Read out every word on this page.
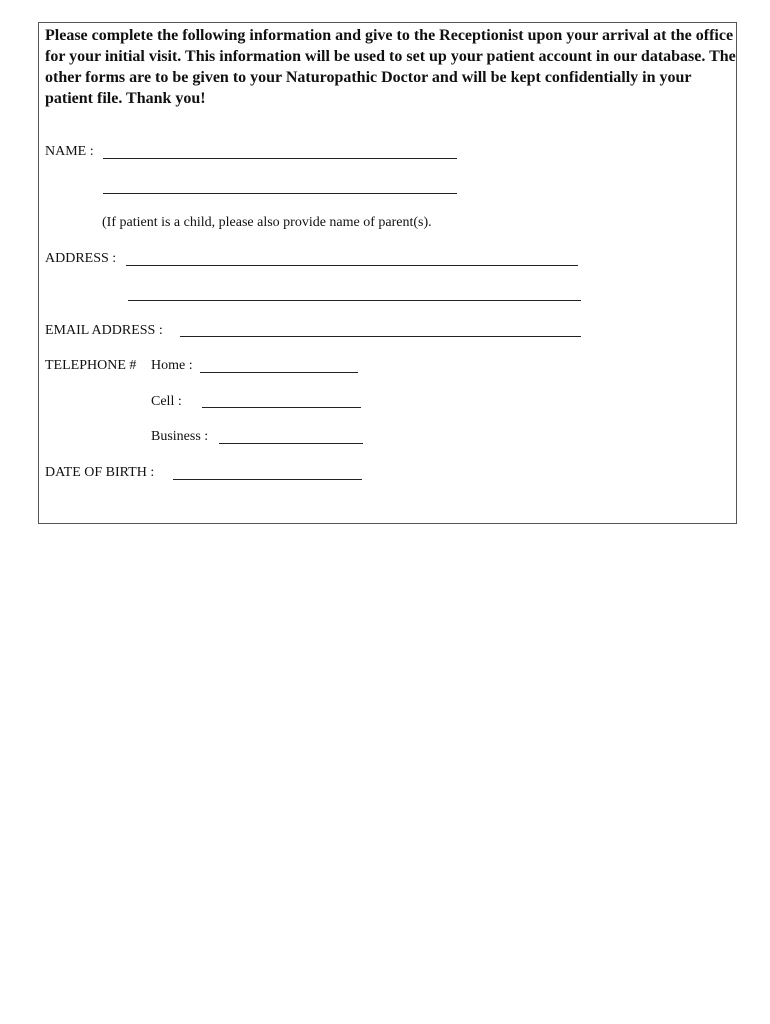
Please complete the following information and give to the Receptionist upon your arrival at the office for your initial visit. This information will be used to set up your patient account in our database. The other forms are to be given to your Naturopathic Doctor and will be kept confidentially in your patient file. Thank you!

NAME :
(If patient is a child, please also provide name of parent(s).
ADDRESS :
EMAIL ADDRESS :
TELEPHONE # Home :
Cell :
Business :
DATE OF BIRTH :
